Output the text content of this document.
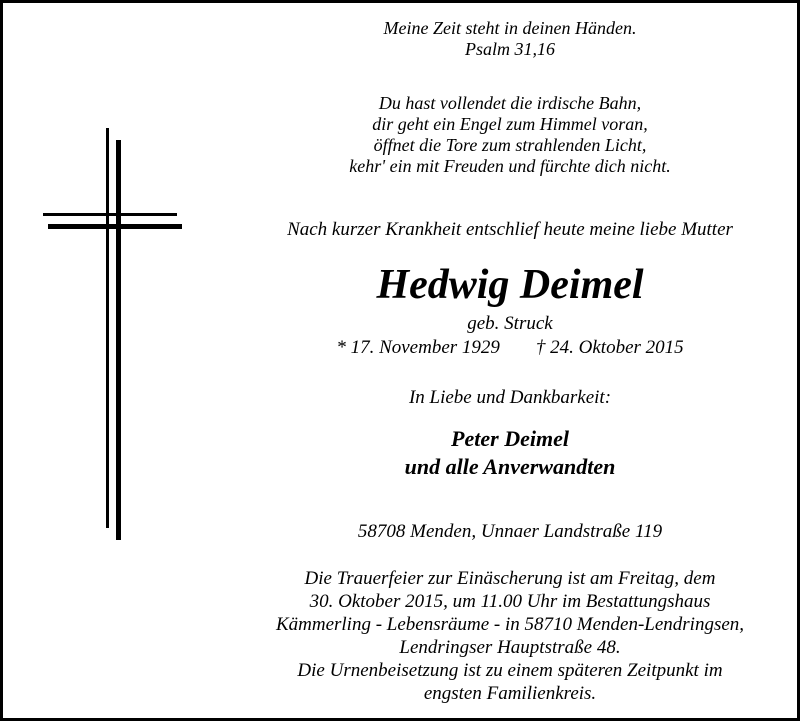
Meine Zeit steht in deinen Händen.
Psalm 31,16
Du hast vollendet die irdische Bahn,
dir geht ein Engel zum Himmel voran,
öffnet die Tore zum strahlenden Licht,
kehr' ein mit Freuden und fürchte dich nicht.
Nach kurzer Krankheit entschlief heute meine liebe Mutter
Hedwig Deimel
geb. Struck
* 17. November 1929 † 24. Oktober 2015
In Liebe und Dankbarkeit:
Peter Deimel
und alle Anverwandten
58708 Menden, Unnaer Landstraße 119
Die Trauerfeier zur Einäscherung ist am Freitag, dem
30. Oktober 2015, um 11.00 Uhr im Bestattungshaus
Kämmerling - Lebensräume - in 58710 Menden-Lendringsen,
Lendringser Hauptstraße 48.
Die Urnenbeisetzung ist zu einem späteren Zeitpunkt im
engsten Familienkreis.
